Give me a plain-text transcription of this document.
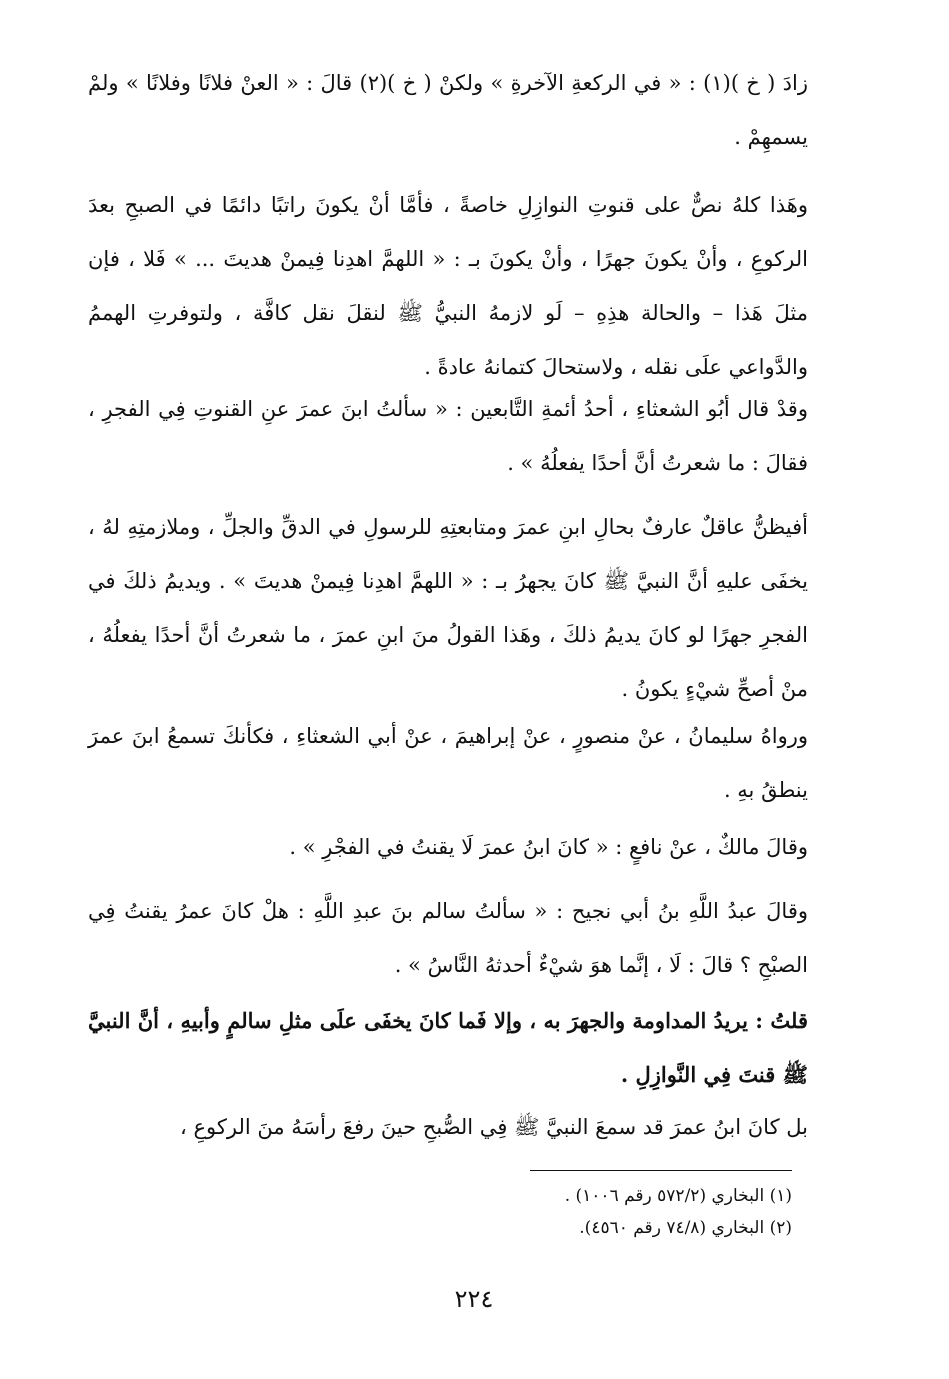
زادَ ( خ )(١) : « في الركعةِ الآخرةِ » ولكنْ ( خ )(٢) قالَ : « العنْ فلانًا وفلانًا » ولمْ يسمهِمْ .
وهَذا كلهُ نصٌّ على قنوتِ النوازِلِ خاصةً ، فأمَّا أنْ يكونَ راتبًا دائمًا في الصبحِ بعدَ الركوعِ ، وأنْ يكونَ جهرًا ، وأنْ يكونَ بـ : « اللهمَّ اهدِنا فِيمنْ هديتَ ... » فَلا ، فإن مثلَ هَذا – والحالة هذِهِ – لَو لازمهُ النبيُّ ﷺ لنقلَ نقل كافَّة ، ولتوفرتِ الهممُ والدَّواعي علَى نقله ، ولاستحالَ كتمانهُ عادةً .
وقدْ قال أبُو الشعثاءِ ، أحدُ أئمةِ التَّابعين : « سألتُ ابنَ عمرَ عنِ القنوتِ فِي الفجرِ ، فقالَ : ما شعرتُ أنَّ أحدًا يفعلُهُ » .
أفيظنُّ عاقلٌ عارفٌ بحالِ ابنِ عمرَ ومتابعتِهِ للرسولِ في الدقِّ والجلِّ ، وملازمتِهِ لهُ ، يخفَى عليهِ أنَّ النبيَّ ﷺ كانَ يجهرُ بـ : « اللهمَّ اهدِنا فِيمنْ هديتَ » . ويديمُ ذلكَ في الفجرِ جهرًا لو كانَ يديمُ ذلكَ ، وهَذا القولُ منَ ابنِ عمرَ ، ما شعرتُ أنَّ أحدًا يفعلُهُ ، منْ أصحِّ شيْءٍ يكونُ .
ورواهُ سليمانُ ، عنْ منصورٍ ، عنْ إبراهيمَ ، عنْ أبي الشعثاءِ ، فكأنكَ تسمعُ ابنَ عمرَ ينطقُ بهِ .
وقالَ مالكٌ ، عنْ نافعٍ : « كانَ ابنُ عمرَ لَا يقنتُ في الفجْرِ » .
وقالَ عبدُ اللَّهِ بنُ أبي نجيح : « سألتُ سالم بنَ عبدِ اللَّهِ : هلْ كانَ عمرُ يقنتُ فِي الصبْحِ ؟ قالَ : لَا ، إنَّما هوَ شيْءٌ أحدثهُ النَّاسُ » .
قلتُ : يريدُ المداومة والجهرَ به ، وإلا فَما كانَ يخفَى علَى مثلِ سالمٍ وأبيهِ ، أنَّ النبيَّ ﷺ قنتَ فِي النَّوازِلِ .
بل كانَ ابنُ عمرَ قد سمعَ النبيَّ ﷺ فِي الصُّبحِ حينَ رفعَ رأسَهُ منَ الركوعِ ،
(١) البخاري (٥٧٢/٢ رقم ١٠٠٦) .
(٢) البخاري (٧٤/٨ رقم ٤٥٦٠).
٢٢٤
